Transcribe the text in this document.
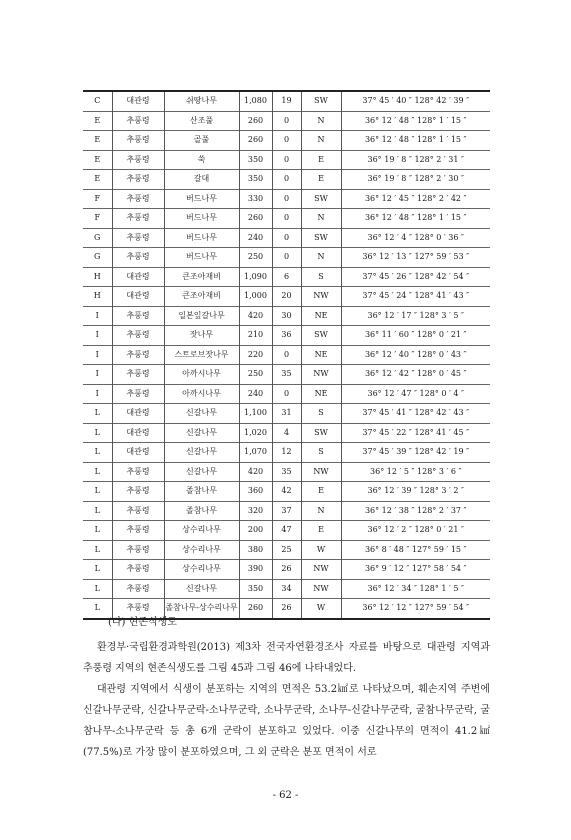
C	대관령	쉬땅나무	1,080	19	SW	37° 45 ′ 40 ″ 128° 42 ′ 39 ″
E	추풍령	산조풀	260	0	N	36° 12 ′ 48 ″ 128° 1 ′ 15 ″
E	추풍령	골풀	260	0	N	36° 12 ′ 48 ″ 128° 1 ′ 15 ″
E	추풍령	쑥	350	0	E	36° 19 ′ 8 ″ 128° 2 ′ 31 ″
E	추풍령	갈대	350	0	E	36° 19 ′ 8 ″ 128° 2 ′ 30 ″
F	추풍령	버드나무	330	0	SW	36° 12 ′ 45 ″ 128° 2 ′ 42 ″
F	추풍령	버드나무	260	0	N	36° 12 ′ 48 ″ 128° 1 ′ 15 ″
G	추풍령	버드나무	240	0	SW	36° 12 ′ 4 ″ 128° 0 ′ 36 ″
G	추풍령	버드나무	250	0	N	36° 12 ′ 13 ″ 127° 59 ′ 53 ″
H	대관령	큰조아재비	1,090	6	S	37° 45 ′ 26 ″ 128° 42 ′ 54 ″
H	대관령	큰조아재비	1,000	20	NW	37° 45 ′ 24 ″ 128° 41 ′ 43 ″
I	추풍령	일본잎갈나무	420	30	NE	36° 12 ′ 17 ″ 128° 3 ′ 5 ″
I	추풍령	잣나무	210	36	SW	36° 11 ′ 60 ″ 128° 0 ′ 21 ″
I	추풍령	스트로브잣나무	220	0	NE	36° 12 ′ 40 ″ 128° 0 ′ 43 ″
I	추풍령	아까시나무	250	35	NW	36° 12 ′ 42 ″ 128° 0 ′ 45 ″
I	추풍령	아까시나무	240	0	NE	36° 12 ′ 47 ″ 128° 0 ′ 4 ″
L	대관령	신갈나무	1,100	31	S	37° 45 ′ 41 ″ 128° 42 ′ 43 ″
L	대관령	신갈나무	1,020	4	SW	37° 45 ′ 22 ″ 128° 41 ′ 45 ″
L	대관령	신갈나무	1,070	12	S	37° 45 ′ 39 ″ 128° 42 ′ 19 ″
L	추풍령	신갈나무	420	35	NW	36° 12 ′ 5 ″ 128° 3 ′ 6 ″
L	추풍령	졸참나무	360	42	E	36° 12 ′ 39 ″ 128° 3 ′ 2 ″
L	추풍령	졸참나무	320	37	N	36° 12 ′ 38 ″ 128° 2 ′ 37 ″
L	추풍령	상수리나무	200	47	E	36° 12 ′ 2 ″ 128° 0 ′ 21 ″
L	추풍령	상수리나무	380	25	W	36° 8 ′ 48 ″ 127° 59 ′ 15 ″
L	추풍령	상수리나무	390	26	NW	36° 9 ′ 12 ″ 127° 58 ′ 54 ″
L	추풍령	신갈나무	350	34	NW	36° 12 ′ 34 ″ 128° 1 ′ 5 ″
L	추풍령	졸참나무-상수리나무	260	26	W	36° 12 ′ 12 ″ 127° 59 ′ 54 ″
(다) 현존식생도

환경부·국립환경과학원(2013) 제3차 전국자연환경조사 자료를 바탕으로 대관령 지역과 추풍령 지역의 현존식생도를 그림 45과 그림 46에 나타내었다.

대관령 지역에서 식생이 분포하는 지역의 면적은 53.2㎢로 나타났으며, 훼손지역 주변에 신갈나무군락, 신갈나무군락-소나무군락, 소나무군락, 소나무-신갈나무군락, 굴참나무군락, 굴참나무-소나무군락 등 총 6개 군락이 분포하고 있었다. 이중 신갈나무의 면적이 41.2㎢(77.5%)로 가장 많이 분포하였으며, 그 외 군락은 분포 면적이 서로

- 62 -
